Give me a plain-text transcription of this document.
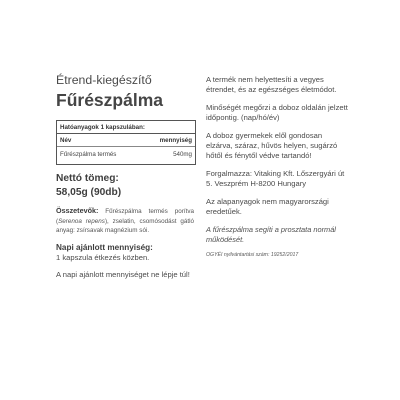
Étrend-kiegészítő
Fűrészpálma
Hatóanyagok 1 kapszulában:
Név	mennyiség
Fűrészpálma termés	540mg
Nettó tömeg:
58,05g (90db)
Összetevők: Fűrészpálma termés porítva (Serenoa repens), zselatin, csomósodást gátló anyag: zsírsavak magnézium sói.
Napi ajánlott mennyiség:
1 kapszula étkezés közben.
A napi ajánlott mennyiséget ne lépje túl!

A termék nem helyettesíti a vegyes étrendet, és az egészséges életmódot.

Minőségét megőrzi a doboz oldalán jelzett időpontig. (nap/hó/év)

A doboz gyermekek elől gondosan elzárva, száraz, hűvös helyen, sugárzó hőtől és fénytől védve tartandó!

Forgalmazza: Vitaking Kft. Lőszergyári út 5. Veszprém H-8200 Hungary

Az alapanyagok nem magyarországi eredetűek.

A fűrészpálma segíti a prosztata normál működését.
OGYÉI nyilvántartási szám: 19252/2017
